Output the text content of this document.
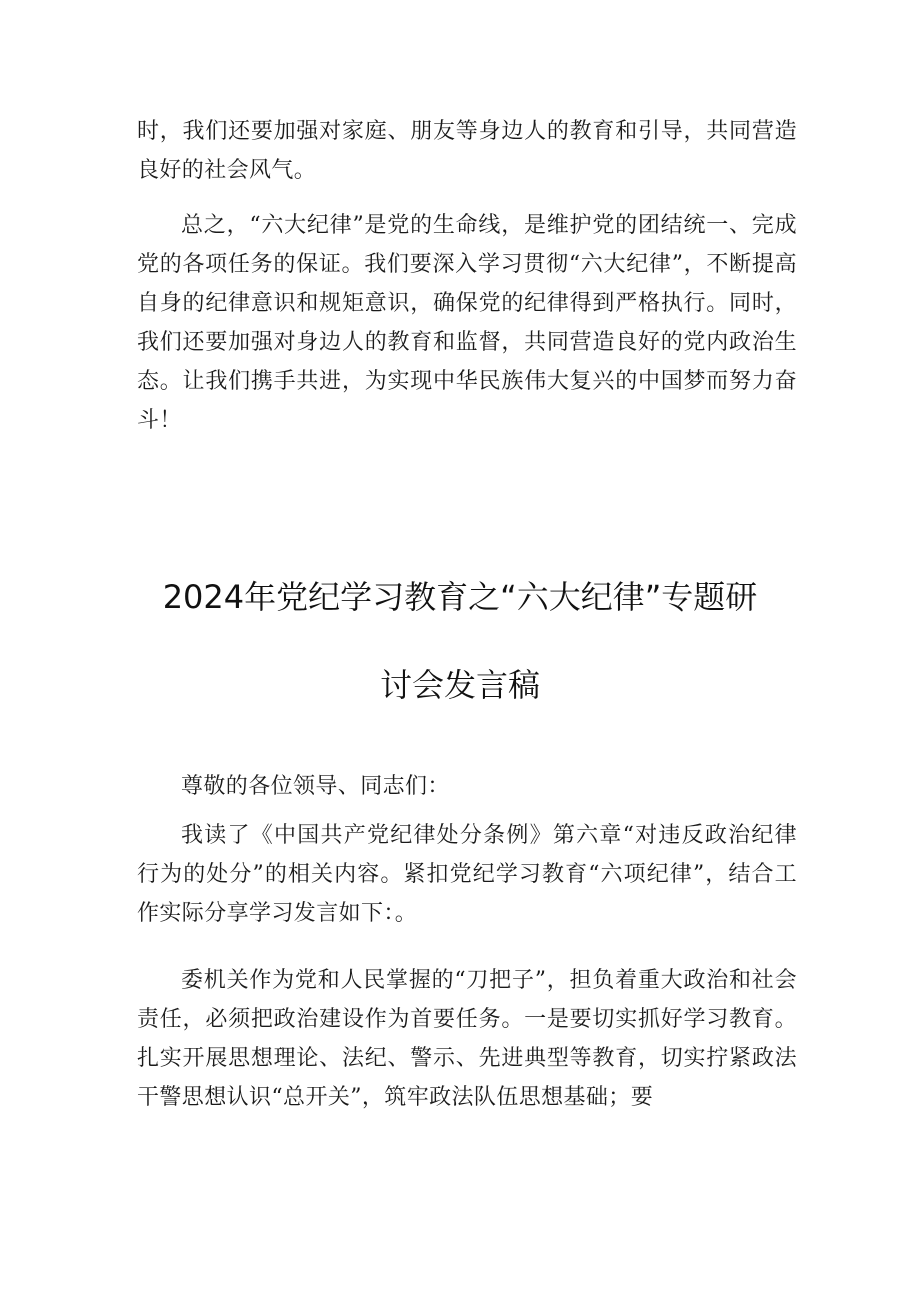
时，我们还要加强对家庭、朋友等身边人的教育和引导，共同营造良好的社会风气。

总之，“六大纪律”是党的生命线，是维护党的团结统一、完成党的各项任务的保证。我们要深入学习贯彻“六大纪律”，不断提高自身的纪律意识和规矩意识，确保党的纪律得到严格执行。同时，我们还要加强对身边人的教育和监督，共同营造良好的党内政治生态。让我们携手共进，为实现中华民族伟大复兴的中国梦而努力奋斗！

2024年党纪学习教育之“六大纪律”专题研
讨会发言稿

尊敬的各位领导、同志们：

我读了《中国共产党纪律处分条例》第六章“对违反政治纪律行为的处分”的相关内容。紧扣党纪学习教育“六项纪律”，结合工作实际分享学习发言如下：。

委机关作为党和人民掌握的“刀把子”，担负着重大政治和社会责任，必须把政治建设作为首要任务。一是要切实抓好学习教育。扎实开展思想理论、法纪、警示、先进典型等教育，切实拧紧政法干警思想认识“总开关”，筑牢政法队伍思想基础；要
